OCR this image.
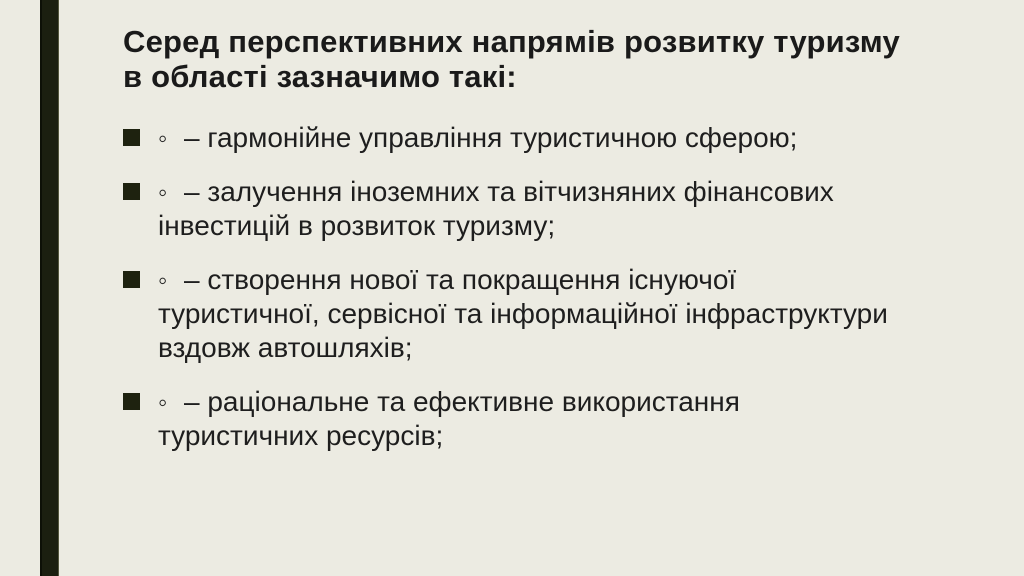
Серед перспективних напрямів розвитку туризму в області зазначимо такі:
◦ – гармонійне управління туристичною сферою;
◦ – залучення іноземних та вітчизняних фінансових інвестицій в розвиток туризму;
◦ – створення нової та покращення існуючої туристичної, сервісної та інформаційної інфраструктури вздовж автошляхів;
◦ – раціональне та ефективне використання туристичних ресурсів;
